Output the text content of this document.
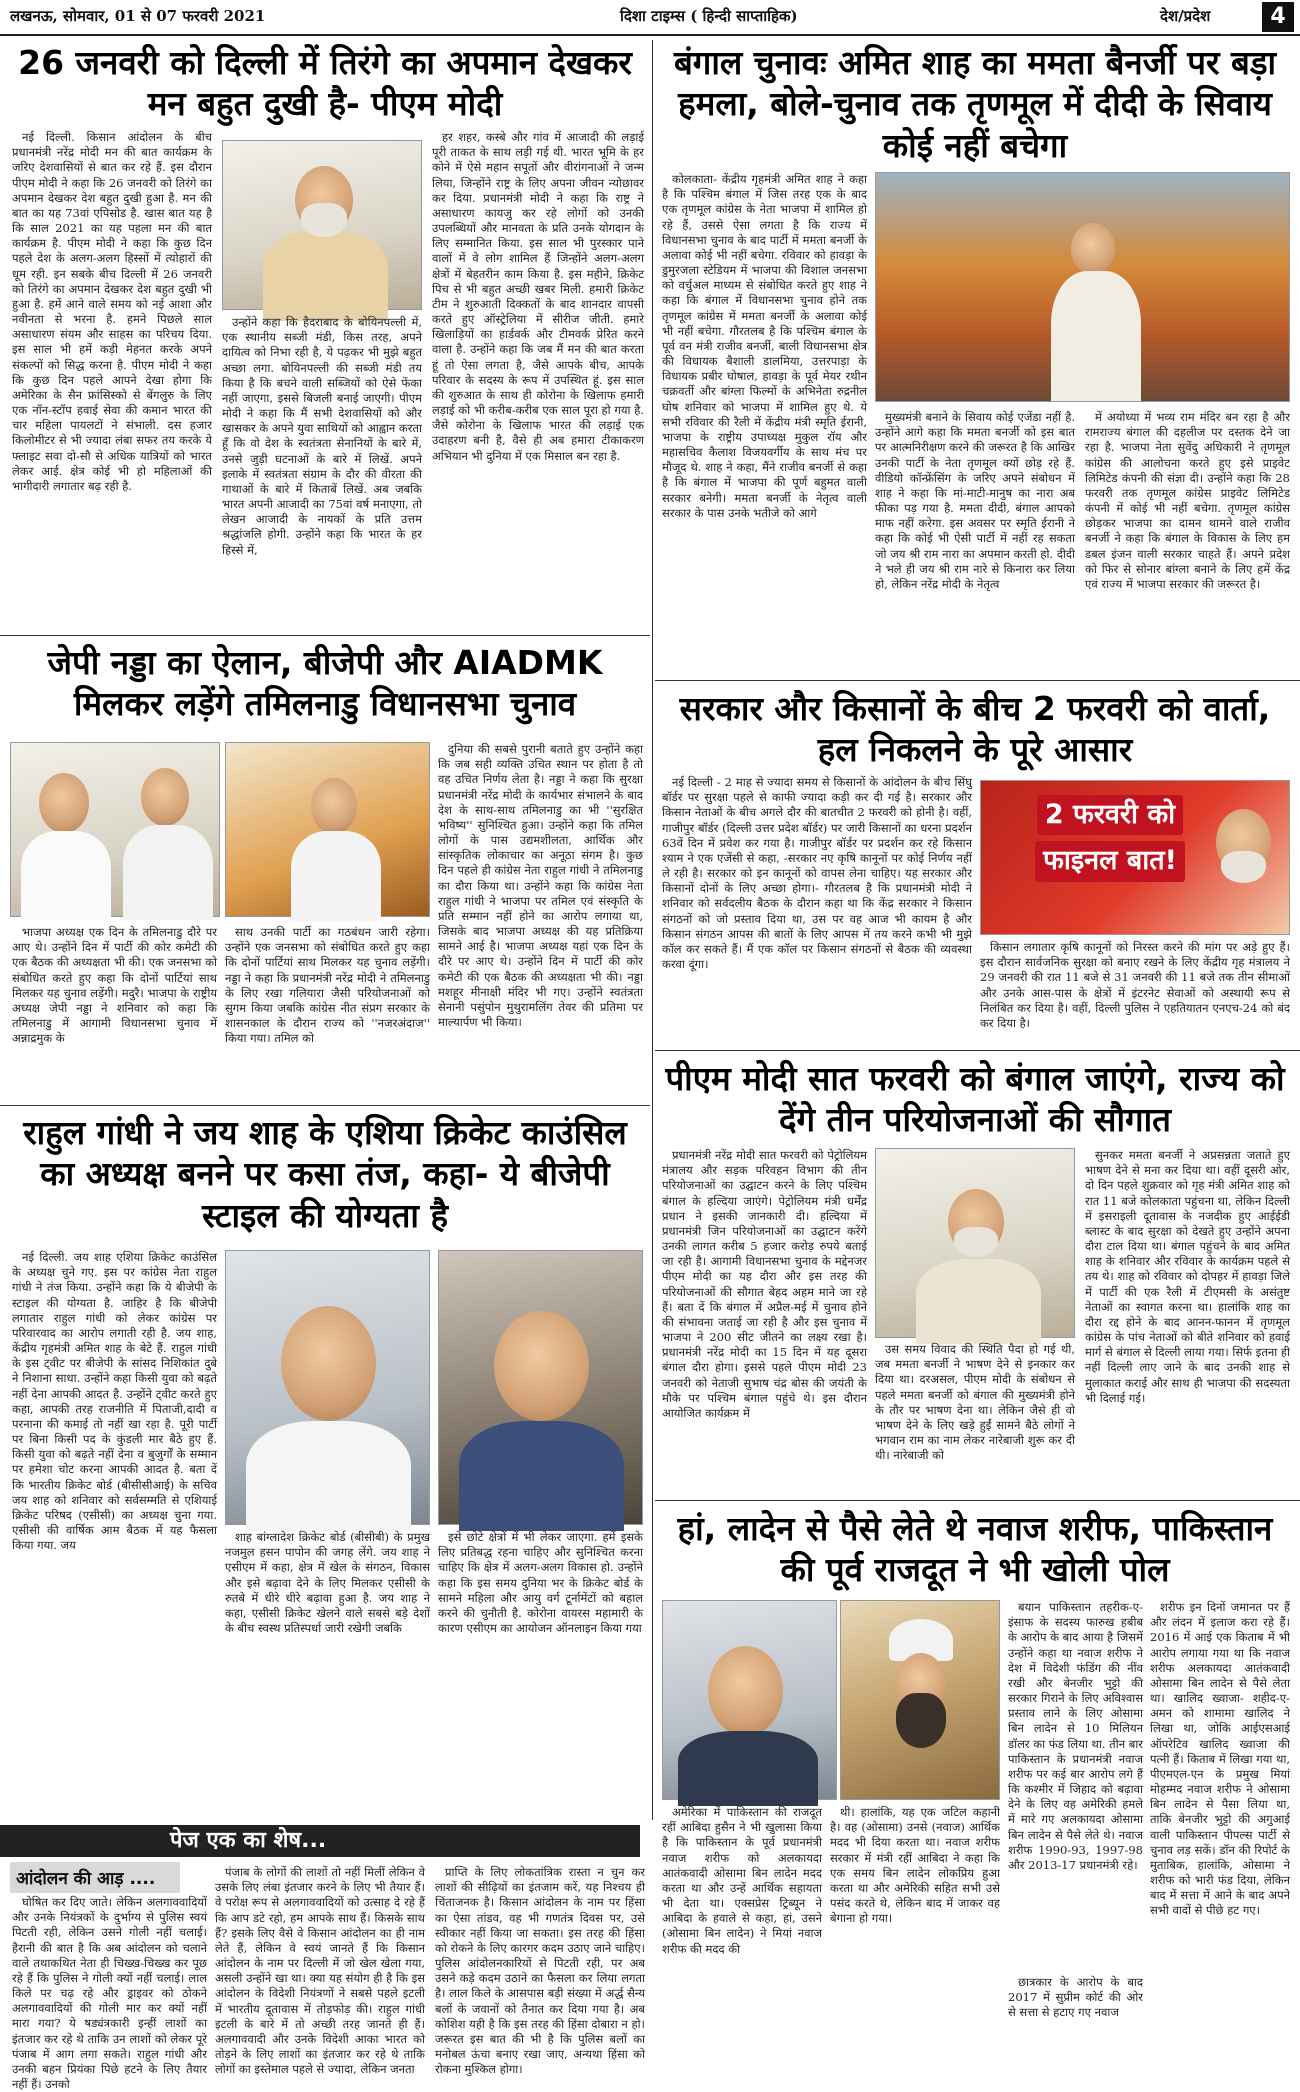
लखनऊ, सोमवार, 01 से 07 फरवरी 2021	दिशा टाइम्स ( हिन्दी साप्ताहिक)	देश/प्रदेश	4
26 जनवरी को दिल्ली में तिरंगे का अपमान देखकर मन बहुत दुखी है- पीएम मोदी

नई दिल्ली. किसान आंदोलन के बीच प्रधानमंत्री नरेंद्र मोदी मन की बात कार्यक्रम के जरिए देशवासियों से बात कर रहे हैं. इस दौरान पीएम मोदी ने कहा कि 26 जनवरी को तिरंगे का अपमान देखकर देश बहुत दुखी हुआ है. मन की बात का यह 73वां एपिसोड है. खास बात यह है कि साल 2021 का यह पहला मन की बात कार्यक्रम है. पीएम मोदी ने कहा कि कुछ दिन पहले देश के अलग-अलग हिस्सों में त्योहारों की धूम रही. इन सबके बीच दिल्ली में 26 जनवरी को तिरंगे का अपमान देखकर देश बहुत दुखी भी हुआ है. हमें आने वाले समय को नई आशा और नवीनता से भरना है. हमने पिछले साल असाधारण संयम और साहस का परिचय दिया. इस साल भी हमें कड़ी मेहनत करके अपने संकल्पों को सिद्ध करना है. पीएम मोदी ने कहा कि कुछ दिन पहले आपने देखा होगा कि अमेरिका के सैन फ्रांसिस्को से बेंगलुरु के लिए एक नॉन-स्टॉप हवाई सेवा की कमान भारत की चार महिला पायलटों ने संभाली. दस हजार किलोमीटर से भी ज्यादा लंबा सफर तय करके ये फ्लाइट सवा दो-सौ से अधिक यात्रियों को भारत लेकर आई. क्षेत्र कोई भी हो महिलाओं की भागीदारी लगातार बढ़ रही है.

उन्होंने कहा कि हैदराबाद के बोयिनपल्ली में, एक स्थानीय सब्जी मंडी, किस तरह, अपने दायित्व को निभा रही है, ये पढ़कर भी मुझे बहुत अच्छा लगा. बोयिनपल्ली की सब्जी मंडी तय किया है कि बचने वाली सब्जियों को ऐसे फेंका नहीं जाएगा, इससे बिजली बनाई जाएगी। पीएम मोदी ने कहा कि मैं सभी देशवासियों को और खासकर के अपने युवा साथियों को आह्वान करता हूँ कि वो देश के स्वतंत्रता सेनानियों के बारे में, उनसे जुड़ी घटनाओं के बारे में लिखें. अपने इलाके में स्वतंत्रता संग्राम के दौर की वीरता की गाथाओं के बारे में किताबें लिखें. अब जबकि भारत अपनी आजादी का 75वां वर्ष मनाएगा, तो लेखन आजादी के नायकों के प्रति उत्तम श्रद्धांजलि होगी. उन्होंने कहा कि भारत के हर हिस्से में,

हर शहर, कस्बे और गांव में आजादी की लड़ाई पूरी ताकत के साथ लड़ी गई थी. भारत भूमि के हर कोने में ऐसे महान सपूतों और वीरांगनाओं ने जन्म लिया, जिन्होंने राष्ट्र के लिए अपना जीवन न्योछावर कर दिया. प्रधानमंत्री मोदी ने कहा कि राष्ट्र ने असाधारण कायजु कर रहे लोगों को उनकी उपलब्धियों और मानवता के प्रति उनके योगदान के लिए सम्मानित किया. इस साल भी पुरस्कार पाने वालों में वे लोग शामिल हैं जिन्होंने अलग-अलग क्षेत्रों में बेहतरीन काम किया है. इस महीने, क्रिकेट पिच से भी बहुत अच्छी खबर मिली. हमारी क्रिकेट टीम ने शुरुआती दिक्कतों के बाद शानदार वापसी करते हुए ऑस्ट्रेलिया में सीरीज जीती. हमारे खिलाड़ियों का हार्डवर्क और टीमवर्क प्रेरित करने वाला है. उन्होंने कहा कि जब मैं मन की बात करता हूं तो ऐसा लगता है, जैसे आपके बीच, आपके परिवार के सदस्य के रूप में उपस्थित हूं. इस साल की शुरुआत के साथ ही कोरोना के खिलाफ हमारी लड़ाई को भी करीब-करीब एक साल पूरा हो गया है. जैसे कोरोना के खिलाफ भारत की लड़ाई एक उदाहरण बनी है, वैसे ही अब हमारा टीकाकरण अभियान भी दुनिया में एक मिसाल बन रहा है.

बंगाल चुनावः अमित शाह का ममता बैनर्जी पर बड़ा हमला, बोले-चुनाव तक तृणमूल में दीदी के सिवाय कोई नहीं बचेगा

कोलकाता- केंद्रीय गृहमंत्री अमित शाह ने कहा है कि पश्चिम बंगाल में जिस तरह एक के बाद एक तृणमूल कांग्रेस के नेता भाजपा में शामिल हो रहे हैं, उससे ऐसा लगता है कि राज्य में विधानसभा चुनाव के बाद पार्टी में ममता बनर्जी के अलावा कोई भी नहीं बचेगा. रविवार को हावड़ा के डुमुरजला स्टेडियम में भाजपा की विशाल जनसभा को वर्चुअल माध्यम से संबोधित करते हुए शाह ने कहा कि बंगाल में विधानसभा चुनाव होने तक तृणमूल कांग्रेस में ममता बनर्जी के अलावा कोई भी नहीं बचेगा. गौरतलब है कि पश्चिम बंगाल के पूर्व वन मंत्री राजीव बनर्जी, बाली विधानसभा क्षेत्र की विधायक बैशाली डालमिया, उत्तरपाड़ा के विधायक प्रबीर घोषाल, हावड़ा के पूर्व मेयर रथीन चक्रवर्ती और बांग्ला फिल्मों के अभिनेता रुद्रनील घोष शनिवार को भाजपा में शामिल हुए थे. ये सभी रविवार की रैली में केंद्रीय मंत्री स्मृति ईरानी, भाजपा के राष्ट्रीय उपाध्यक्ष मुकुल रॉय और महासचिव कैलाश विजयवर्गीय के साथ मंच पर मौजूद थे. शाह ने कहा, मैंने राजीव बनर्जी से कहा है कि बंगाल में भाजपा की पूर्ण बहुमत वाली सरकार बनेगी। ममता बनर्जी के नेतृत्व वाली सरकार के पास उनके भतीजे को आगे

मुख्यमंत्री बनाने के सिवाय कोई एजेंडा नहीं है. उन्होंने आगे कहा कि ममता बनर्जी को इस बात पर आत्मनिरीक्षण करने की जरूरत है कि आखिर उनकी पार्टी के नेता तृणमूल क्यों छोड़ रहे हैं. वीडियो कॉन्फ्रेंसिंग के जरिए अपने संबोधन में शाह ने कहा कि मां-माटी-मानुष का नारा अब फीका पड़ गया है. ममता दीदी, बंगाल आपको माफ नहीं करेगा. इस अवसर पर स्मृति ईरानी ने कहा कि कोई भी ऐसी पार्टी में नहीं रह सकता जो जय श्री राम नारा का अपमान करती हो. दीदी ने भले ही जय श्री राम नारे से किनारा कर लिया हो, लेकिन नरेंद्र मोदी के नेतृत्व

में अयोध्या में भव्य राम मंदिर बन रहा है और रामराज्य बंगाल की दहलीज पर दस्तक देने जा रहा है. भाजपा नेता सुवेंदु अधिकारी ने तृणमूल कांग्रेस की आलोचना करते हुए इसे प्राइवेट लिमिटेड कंपनी की संज्ञा दी। उन्होंने कहा कि 28 फरवरी तक तृणमूल कांग्रेस प्राइवेट लिमिटेड कंपनी में कोई भी नहीं बचेगा. तृणमूल कांग्रेस छोड़कर भाजपा का दामन थामने वाले राजीव बनर्जी ने कहा कि बंगाल के विकास के लिए हम डबल इंजन वाली सरकार चाहते हैं। अपने प्रदेश को फिर से सोनार बांग्ला बनाने के लिए हमें केंद्र एवं राज्य में भाजपा सरकार की जरूरत है।

जेपी नड्डा का ऐलान, बीजेपी और AIADMK मिलकर लड़ेंगे तमिलनाडु विधानसभा चुनाव

दुनिया की सबसे पुरानी बताते हुए उन्होंने कहा कि जब सही व्यक्ति उचित स्थान पर होता है तो वह उचित निर्णय लेता है। नड्डा ने कहा कि सुरक्षा प्रधानमंत्री नरेंद्र मोदी के कार्यभार संभालने के बाद देश के साथ-साथ तमिलनाडु का भी ''सुरक्षित भविष्य'' सुनिश्चित हुआ। उन्होंने कहा कि तमिल लोगों के पास उद्यमशीलता, आर्थिक और सांस्कृतिक लोकाचार का अनूठा संगम है। कुछ दिन पहले ही कांग्रेस नेता राहुल गांधी ने तमिलनाडु का दौरा किया था। उन्होंने कहा कि कांग्रेस नेता राहुल गांधी ने भाजपा पर तमिल एवं संस्कृति के प्रति सम्मान नहीं होने का आरोप लगाया था, जिसके बाद भाजपा अध्यक्ष की यह प्रतिक्रिया सामने आई है। भाजपा अध्यक्ष यहां एक दिन के दौरे पर आए थे। उन्होंने दिन में पार्टी की कोर कमेटी की एक बैठक की अध्यक्षता भी की। नड्डा मशहूर मीनाक्षी मंदिर भी गए। उन्होंने स्वतंत्रता सेनानी पसुंपोन मुथुरामलिंग तेवर की प्रतिमा पर माल्यार्पण भी किया।

भाजपा अध्यक्ष एक दिन के तमिलनाडु दौरे पर आए थे। उन्होंने दिन में पार्टी की कोर कमेटी की एक बैठक की अध्यक्षता भी की। एक जनसभा को संबोधित करते हुए कहा कि दोनों पार्टियां साथ मिलकर यह चुनाव लड़ेंगी। मदुरै। भाजपा के राष्ट्रीय अध्यक्ष जेपी नड्डा ने शनिवार को कहा कि तमिलनाडु में आगामी विधानसभा चुनाव में अन्नाद्रमुक के

साथ उनकी पार्टी का गठबंधन जारी रहेगा। उन्होंने एक जनसभा को संबोधित करते हुए कहा कि दोनों पार्टियां साथ मिलकर यह चुनाव लड़ेंगी। नड्डा ने कहा कि प्रधानमंत्री नरेंद्र मोदी ने तमिलनाडु के लिए रखा गलियारा जैसी परियोजनाओं को सुगम किया जबकि कांग्रेस नीत संप्रग सरकार के शासनकाल के दौरान राज्य को ''नजरअंदाज'' किया गया। तमिल को

सरकार और किसानों के बीच 2 फरवरी को वार्ता, हल निकलने के पूरे आसार

नई दिल्ली - 2 माह से ज्यादा समय से किसानों के आंदोलन के बीच सिंघु बॉर्डर पर सुरक्षा पहले से काफी ज्यादा कड़ी कर दी गई है। सरकार और किसान नेताओं के बीच अगले दौर की बातचीत 2 फरवरी को होनी है। वहीं, गाजीपुर बॉर्डर (दिल्ली उत्तर प्रदेश बॉर्डर) पर जारी किसानों का धरना प्रदर्शन 63वें दिन में प्रवेश कर गया है। गाजीपुर बॉर्डर पर प्रदर्शन कर रहे किसान श्याम ने एक एजेंसी से कहा, -सरकार नए कृषि कानूनों पर कोई निर्णय नहीं ले रही है। सरकार को इन कानूनों को वापस लेना चाहिए। यह सरकार और किसानों दोनों के लिए अच्छा होगा।- गौरतलब है कि प्रधानमंत्री मोदी ने शनिवार को सर्वदलीय बैठक के दौरान कहा था कि केंद्र सरकार ने किसान संगठनों को जो प्रस्ताव दिया था, उस पर वह आज भी कायम है और किसान संगठन आपस की बातों के लिए आपस में तय करने कभी भी मुझे कॉल कर सकते हैं। मैं एक कॉल पर किसान संगठनों से बैठक की व्यवस्था करवा दूंगा।

2 फरवरी को
फाइनल बात!

किसान लगातार कृषि कानूनों को निरस्त करने की मांग पर अड़े हुए हैं। इस दौरान सार्वजनिक सुरक्षा को बनाए रखने के लिए केंद्रीय गृह मंत्रालय ने 29 जनवरी की रात 11 बजे से 31 जनवरी की 11 बजे तक तीन सीमाओं और उनके आस-पास के क्षेत्रों में इंटरनेट सेवाओं को अस्थायी रूप से निलंबित कर दिया है। वहीं, दिल्ली पुलिस ने एहतियातन एनएच-24 को बंद कर दिया है।

राहुल गांधी ने जय शाह के एशिया क्रिकेट काउंसिल का अध्यक्ष बनने पर कसा तंज, कहा- ये बीजेपी स्टाइल की योग्यता है

नई दिल्ली. जय शाह एशिया क्रिकेट काउंसिल के अध्यक्ष चुने गए. इस पर कांग्रेस नेता राहुल गांधी ने तंज किया. उन्होंने कहा कि ये बीजेपी के स्टाइल की योग्यता है. जाहिर है कि बीजेपी लगातार राहुल गांधी को लेकर कांग्रेस पर परिवारवाद का आरोप लगाती रही है. जय शाह, केंद्रीय गृहमंत्री अमित शाह के बेटे हैं. राहुल गांधी के इस ट्वीट पर बीजेपी के सांसद निशिकांत दुबे ने निशाना साधा. उन्होंने कहा किसी युवा को बढ़ते नहीं देना आपकी आदत है. उन्होंने ट्वीट करते हुए कहा, आपकी तरह राजनीति में पिताजी,दादी व परनाना की कमाई तो नहीं खा रहा है. पूरी पार्टी पर बिना किसी पद के कुंडली मार बैठे हुए हैं. किसी युवा को बढ़ते नहीं देना व बुजुर्गों के सम्मान पर हमेशा चोट करना आपकी आदत है. बता दें कि भारतीय क्रिकेट बोर्ड (बीसीसीआई) के सचिव जय शाह को शनिवार को सर्वसम्मति से एशियाई क्रिकेट परिषद (एसीसी) का अध्यक्ष चुना गया. एसीसी की वार्षिक आम बैठक में यह फैसला किया गया. जय

शाह बांग्लादेश क्रिकेट बोर्ड (बीसीबी) के प्रमुख नजमुल हसन पापोन की जगह लेंगे. जय शाह ने एसीएम में कहा, क्षेत्र में खेल के संगठन, विकास और इसे बढ़ावा देने के लिए मिलकर एसीसी के रुतबे में धीरे धीरे बढ़ावा हुआ है. जय शाह ने कहा, एसीसी क्रिकेट खेलने वाले सबसे बड़े देशों के बीच स्वस्थ प्रतिस्पर्धा जारी रखेगी जबकि

इसे छोटे क्षेत्रों में भी लेकर जाएगा. हमें इसके लिए प्रतिबद्ध रहना चाहिए और सुनिश्चित करना चाहिए कि क्षेत्र में अलग-अलग विकास हो. उन्होंने कहा कि इस समय दुनिया भर के क्रिकेट बोर्ड के सामने महिला और आयु वर्ग टूर्नामेंटों को बहाल करने की चुनौती है. कोरोना वायरस महामारी के कारण एसीएम का आयोजन ऑनलाइन किया गया

पीएम मोदी सात फरवरी को बंगाल जाएंगे, राज्य को देंगे तीन परियोजनाओं की सौगात

प्रधानमंत्री नरेंद्र मोदी सात फरवरी को पेट्रोलियम मंत्रालय और सड़क परिवहन विभाग की तीन परियोजनाओं का उद्घाटन करने के लिए पश्चिम बंगाल के हल्दिया जाएंगे। पेट्रोलियम मंत्री धर्मेंद्र प्रधान ने इसकी जानकारी दी। हल्दिया में प्रधानमंत्री जिन परियोजनाओं का उद्घाटन करेंगे उनकी लागत करीब 5 हजार करोड़ रुपये बताई जा रही है। आगामी विधानसभा चुनाव के मद्देनजर पीएम मोदी का यह दौरा और इस तरह की परियोजनाओं की सौगात बेहद अहम माने जा रहे हैं। बता दें कि बंगाल में अप्रैल-मई में चुनाव होने की संभावना जताई जा रही है और इस चुनाव में भाजपा ने 200 सीट जीतने का लक्ष्य रखा है। प्रधानमंत्री नरेंद्र मोदी का 15 दिन में यह दूसरा बंगाल दौरा होगा। इससे पहले पीएम मोदी 23 जनवरी को नेताजी सुभाष चंद्र बोस की जयंती के मौके पर पश्चिम बंगाल पहुंचे थे। इस दौरान आयोजित कार्यक्रम में

उस समय विवाद की स्थिति पैदा हो गई थी, जब ममता बनर्जी ने भाषण देने से इनकार कर दिया था। दरअसल, पीएम मोदी के संबोधन से पहले ममता बनर्जी को बंगाल की मुख्यमंत्री होने के तौर पर भाषण देना था। लेकिन जैसे ही वो भाषण देने के लिए खड़े हुईं सामने बैठे लोगों ने भगवान राम का नाम लेकर नारेबाजी शुरू कर दी थी। नारेबाजी को

सुनकर ममता बनर्जी ने अप्रसन्नता जताते हुए भाषण देने से मना कर दिया था। वहीं दूसरी ओर, दो दिन पहले शुक्रवार को गृह मंत्री अमित शाह को रात 11 बजे कोलकाता पहुंचना था, लेकिन दिल्ली में इसराइली दूतावास के नजदीक हुए आईईडी ब्लास्ट के बाद सुरक्षा को देखते हुए उन्होंने अपना दौरा टाल दिया था। बंगाल पहुंचने के बाद अमित शाह के शनिवार और रविवार के कार्यक्रम पहले से तय थे। शाह को रविवार को दोपहर में हावड़ा जिले में पार्टी की एक रैली में टीएमसी के असंतुष्ट नेताओं का स्वागत करना था। हालांकि शाह का दौरा रद्द होने के बाद आनन-फानन में तृणमूल कांग्रेस के पांच नेताओं को बीते शनिवार को हवाई मार्ग से बंगाल से दिल्ली लाया गया। सिर्फ इतना ही नहीं दिल्ली लाए जाने के बाद उनकी शाह से मुलाकात कराई और साथ ही भाजपा की सदस्यता भी दिलाई गई।

हां, लादेन से पैसे लेते थे नवाज शरीफ, पाकिस्तान की पूर्व राजदूत ने भी खोली पोल

बयान पाकिस्तान तहरीक-ए-इंसाफ के सदस्य फारुख हबीब के आरोप के बाद आया है जिसमें उन्होंने कहा था नवाज शरीफ ने देश में विदेशी फंडिंग की नींव रखी और बेनजीर भुट्टो की सरकार गिराने के लिए अविश्वास प्रस्ताव लाने के लिए ओसामा बिन लादेन से 10 मिलियन डॉलर का फंड लिया था. तीन बार पाकिस्तान के प्रधानमंत्री नवाज शरीफ पर कई बार आरोप लगे हैं कि कश्मीर में जिहाद को बढ़ावा देने के लिए वह अमेरिकी हमले में मारे गए अलकायदा ओसामा बिन लादेन से पैसे लेते थे। नवाज शरीफ 1990-93, 1997-98 और 2013-17 प्रधानमंत्री रहे।

शरीफ इन दिनों जमानत पर हैं और लंदन में इलाज करा रहे हैं। 2016 में आई एक किताब में भी आरोप लगाया गया था कि नवाज शरीफ अलकायदा आतंकवादी ओसामा बिन लादेन से पैसे लेता था। खालिद ख्वाजा- शहीद-ए-अमन को शामामा खालिद ने लिखा था, जोकि आईएसआई ऑपरेटिव खालिद ख्वाजा की पत्नी हैं। किताब में लिखा गया था, पीएमएल-एन के प्रमुख मियां मोहम्मद नवाज शरीफ ने ओसामा बिन लादेन से पैसा लिया था, ताकि बेनजीर भुट्टो की अगुआई वाली पाकिस्तान पीपल्स पार्टी से चुनाव लड़ सकें। डॉन की रिपोर्ट के मुताबिक, हालांकि, ओसामा ने शरीफ को भारी फंड दिया, लेकिन बाद में सत्ता में आने के बाद अपने सभी वादों से पीछे हट गए।

अमेरिका में पाकिस्तान की राजदूत रहीं आबिदा हुसैन ने भी खुलासा किया है कि पाकिस्तान के पूर्व प्रधानमंत्री नवाज शरीफ को अलकायदा आतंकवादी ओसामा बिन लादेन मदद करता था और उन्हें आर्थिक सहायता भी देता था। एक्सप्रेस ट्रिब्यून ने आबिदा के हवाले से कहा, हां, उसने (ओसामा बिन लादेन) ने मियां नवाज शरीफ की मदद की

थी। हालांकि, यह एक जटिल कहानी है। वह (ओसामा) उनसे (नवाज) आर्थिक मदद भी दिया करता था। नवाज शरीफ सरकार में मंत्री रहीं आबिदा ने कहा कि एक समय बिन लादेन लोकप्रिय हुआ करता था और अमेरिकी सहित सभी उसे पसंद करते थे, लेकिन बाद में जाकर वह बेगाना हो गया।

छात्रकार के आरोप के बाद 2017 में सुप्रीम कोर्ट की ओर से सत्ता से हटाए गए नवाज

पेज एक का शेष...
आंदोलन की आड़ ....

घोषित कर दिए जाते। लेकिन अलगाववादियों और उनके नियंत्रकों के दुर्भाग्य से पुलिस स्वयं पिटती रही, लेकिन उसने गोली नहीं चलाई। हैरानी की बात है कि अब आंदोलन को चलाने वाले तथाकथित नेता ही चिख्ख-चिख्ख कर पूछ रहे हैं कि पुलिस ने गोली क्यों नहीं चलाई। लाल किले पर चढ़ रहे और ड्राइवर को ठोकने अलगाववादियों की गोली मार कर क्यों नहीं मारा गया? ये षड्यंत्रकारी इन्हीं लाशों का इंतजार कर रहे थे ताकि उन लाशों को लेकर पूरे पंजाब में आग लगा सकते। राहुल गांधी और उनकी बहन प्रियंका पिछे हटने के लिए तैयार नहीं हैं। उनको

पंजाब के लोगों की लाशों तो नहीं मिलीं लेकिन वे उसके लिए लंबा इंतजार करने के लिए भी तैयार हैं। वे परोक्ष रूप से अलगाववादियों को उत्साह दे रहे हैं कि आप डटे रहो, हम आपके साथ हैं। किसके साथ हैं? इसके लिए वैसे वे किसान आंदोलन का ही नाम लेते हैं, लेकिन वे स्वयं जानते हैं कि किसान आंदोलन के नाम पर दिल्ली में जो खेल खेला गया, असली उन्होंने खा था। क्या यह संयोग ही है कि इस आंदोलन के विदेशी नियंत्रणों ने सबसे पहले इटली में भारतीय दूतावास में तोड़फोड़ की। राहुल गांधी इटली के बारे में तो अच्छी तरह जानते ही हैं। अलगाववादी और उनके विदेशी आका भारत को तोड़ने के लिए लाशों का इंतजार कर रहे थे ताकि लोगों का इस्तेमाल पहले से ज्यादा, लेकिन जनता

प्राप्ति के लिए लोकतांत्रिक रास्ता न चुन कर लाशों की सीढ़ियों का इंतजाम करें, यह निश्चय ही चिंताजनक है। किसान आंदोलन के नाम पर हिंसा का ऐसा तांडव, वह भी गणतंत्र दिवस पर, उसे स्वीकार नहीं किया जा सकता। इस तरह की हिंसा को रोकने के लिए कारगर कदम उठाए जाने चाहिए। पुलिस आंदोलनकारियों से पिटती रही, पर अब उसने कड़े कदम उठाने का फैसला कर लिया लगता है। लाल किले के आसपास बड़ी संख्या में अर्द्ध सैन्य बलों के जवानों को तैनात कर दिया गया है। अब कोशिश यही है कि इस तरह की हिंसा दोबारा न हो। जरूरत इस बात की भी है कि पुलिस बलों का मनोबल ऊंचा बनाए रखा जाए, अन्यथा हिंसा को रोकना मुश्किल होगा।
